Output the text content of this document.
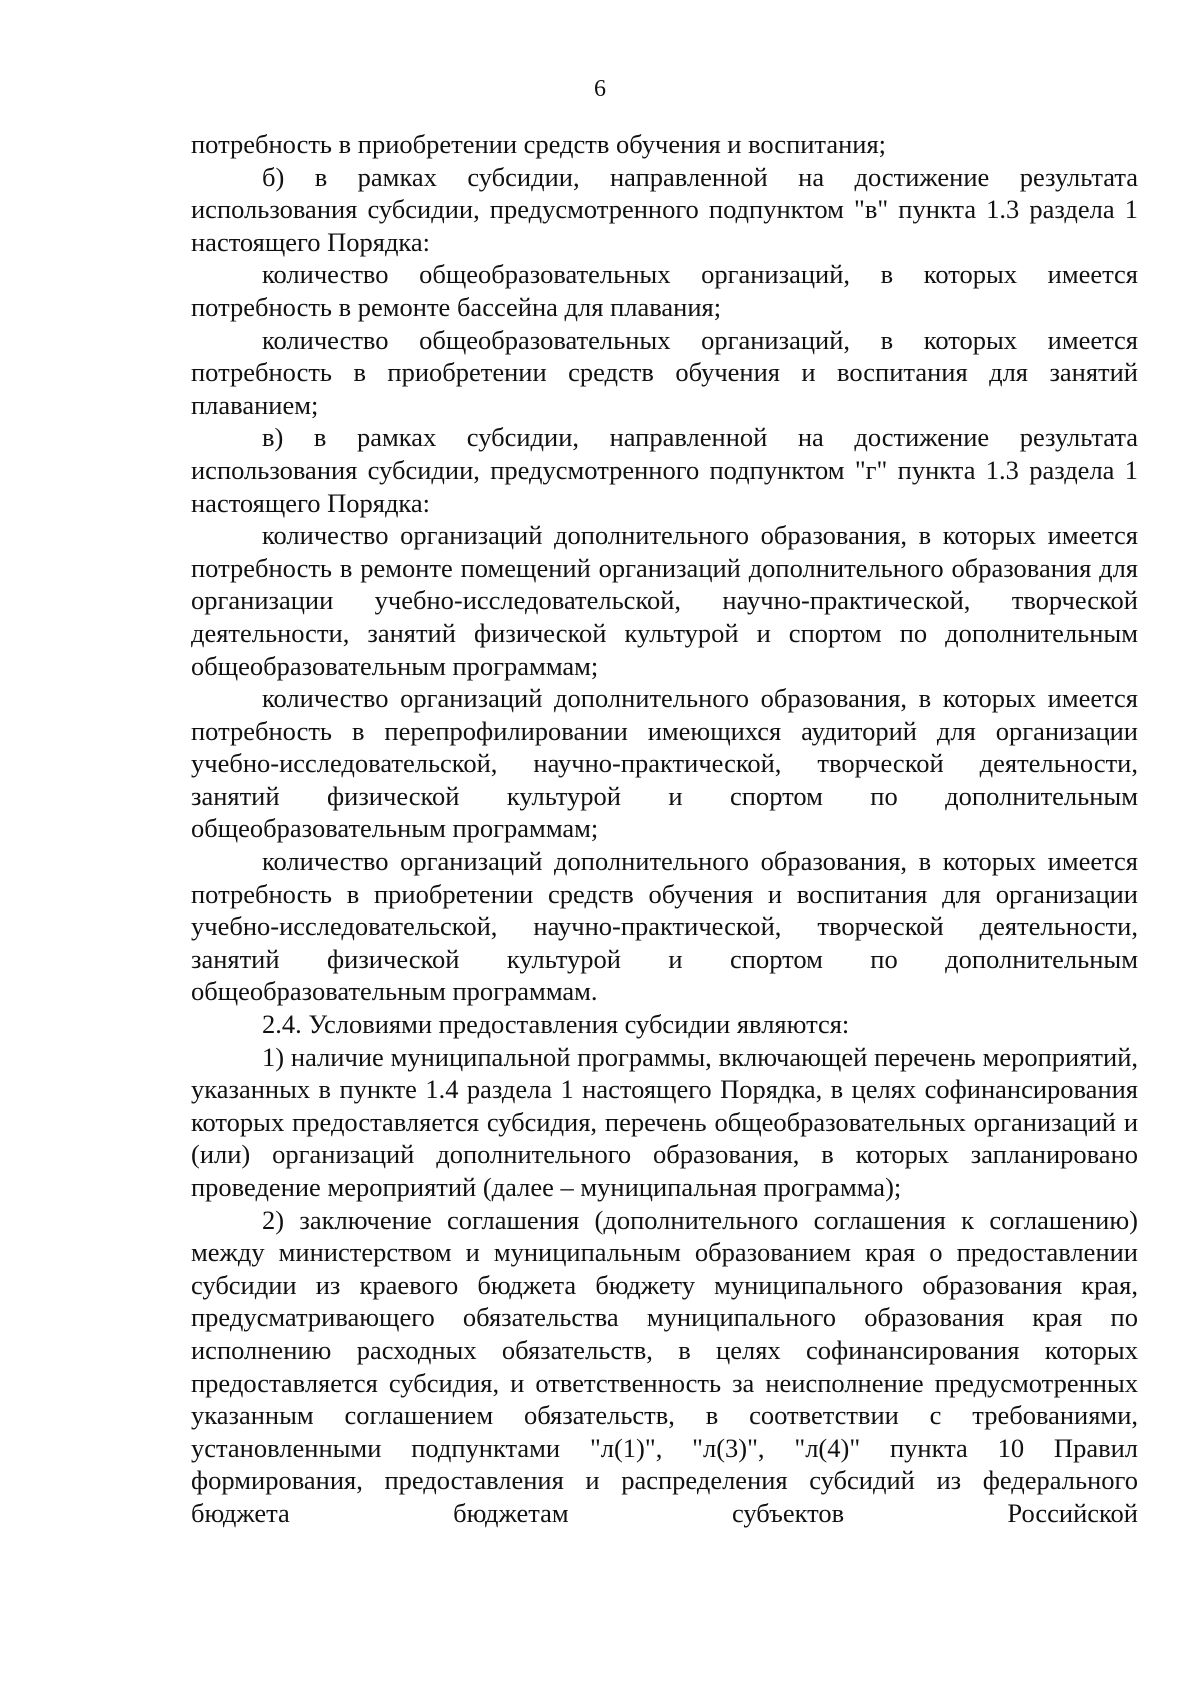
6

потребность в приобретении средств обучения и воспитания;

б) в рамках субсидии, направленной на достижение результата использования субсидии, предусмотренного подпунктом "в" пункта 1.3 раздела 1 настоящего Порядка:

количество общеобразовательных организаций, в которых имеется потребность в ремонте бассейна для плавания;

количество общеобразовательных организаций, в которых имеется потребность в приобретении средств обучения и воспитания для занятий плаванием;

в) в рамках субсидии, направленной на достижение результата использования субсидии, предусмотренного подпунктом "г" пункта 1.3 раздела 1 настоящего Порядка:

количество организаций дополнительного образования, в которых имеется потребность в ремонте помещений организаций дополнительного образования для организации учебно-исследовательской, научно-практической, творческой деятельности, занятий физической культурой и спортом по дополнительным общеобразовательным программам;

количество организаций дополнительного образования, в которых имеется потребность в перепрофилировании имеющихся аудиторий для организации учебно-исследовательской, научно-практической, творческой деятельности, занятий физической культурой и спортом по дополнительным общеобразовательным программам;

количество организаций дополнительного образования, в которых имеется потребность в приобретении средств обучения и воспитания для организации учебно-исследовательской, научно-практической, творческой деятельности, занятий физической культурой и спортом по дополнительным общеобразовательным программам.

2.4. Условиями предоставления субсидии являются:

1) наличие муниципальной программы, включающей перечень мероприятий, указанных в пункте 1.4 раздела 1 настоящего Порядка, в целях софинансирования которых предоставляется субсидия, перечень общеобразовательных организаций и (или) организаций дополнительного образования, в которых запланировано проведение мероприятий (далее – муниципальная программа);

2) заключение соглашения (дополнительного соглашения к соглашению) между министерством и муниципальным образованием края о предоставлении субсидии из краевого бюджета бюджету муниципального образования края, предусматривающего обязательства муниципального образования края по исполнению расходных обязательств, в целях софинансирования которых предоставляется субсидия, и ответственность за неисполнение предусмотренных указанным соглашением обязательств, в соответствии с требованиями, установленными подпунктами "л(1)", "л(3)", "л(4)" пункта 10 Правил формирования, предоставления и распределения субсидий из федерального бюджета бюджетам субъектов Российской
